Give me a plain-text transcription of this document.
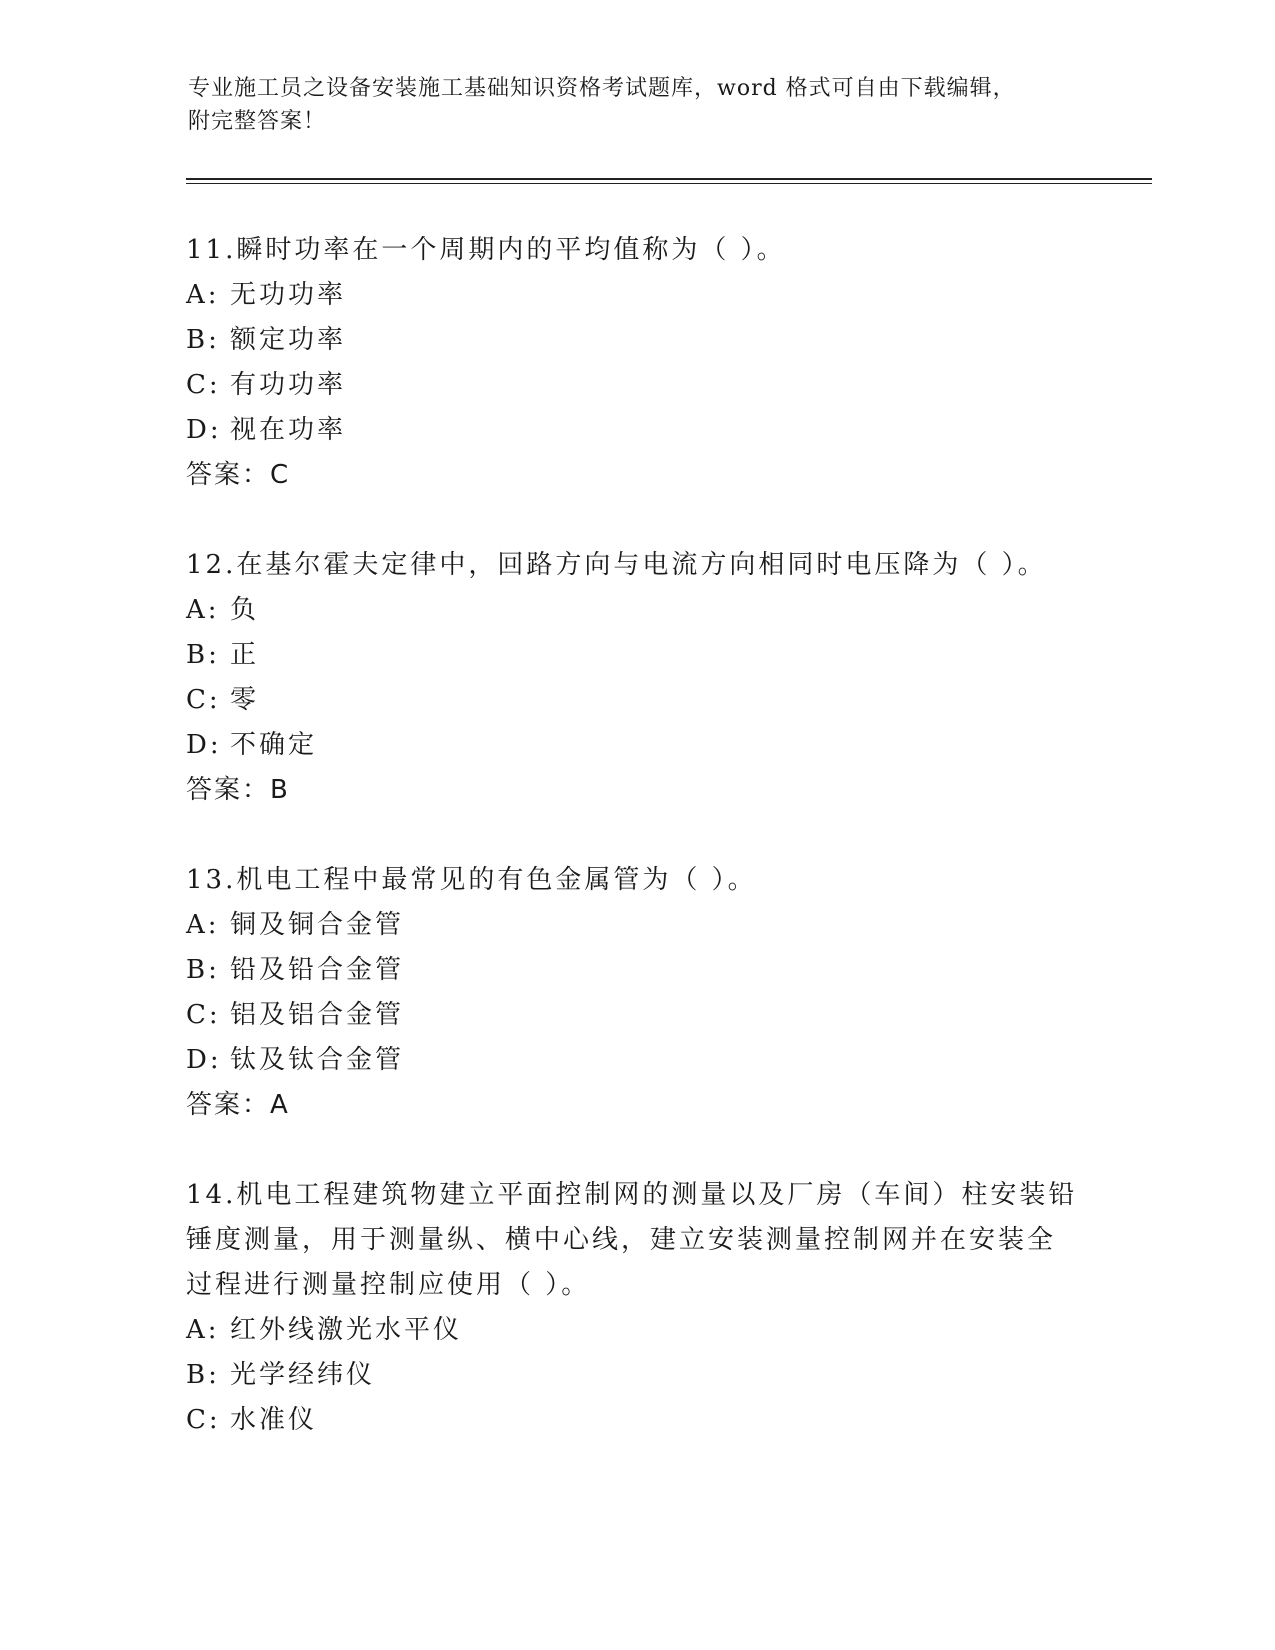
专业施工员之设备安装施工基础知识资格考试题库，word 格式可自由下载编辑，
附完整答案！

11.瞬时功率在一个周期内的平均值称为（ ）。

A: 无功功率

B: 额定功率

C: 有功功率

D: 视在功率

答案：C

12.在基尔霍夫定律中，回路方向与电流方向相同时电压降为（ ）。

A: 负

B: 正

C: 零

D: 不确定

答案：B

13.机电工程中最常见的有色金属管为（ ）。

A: 铜及铜合金管

B: 铅及铅合金管

C: 铝及铝合金管

D: 钛及钛合金管

答案：A

14.机电工程建筑物建立平面控制网的测量以及厂房（车间）柱安装铅

锤度测量，用于测量纵、横中心线，建立安装测量控制网并在安装全

过程进行测量控制应使用（ ）。

A: 红外线激光水平仪

B: 光学经纬仪

C: 水准仪
